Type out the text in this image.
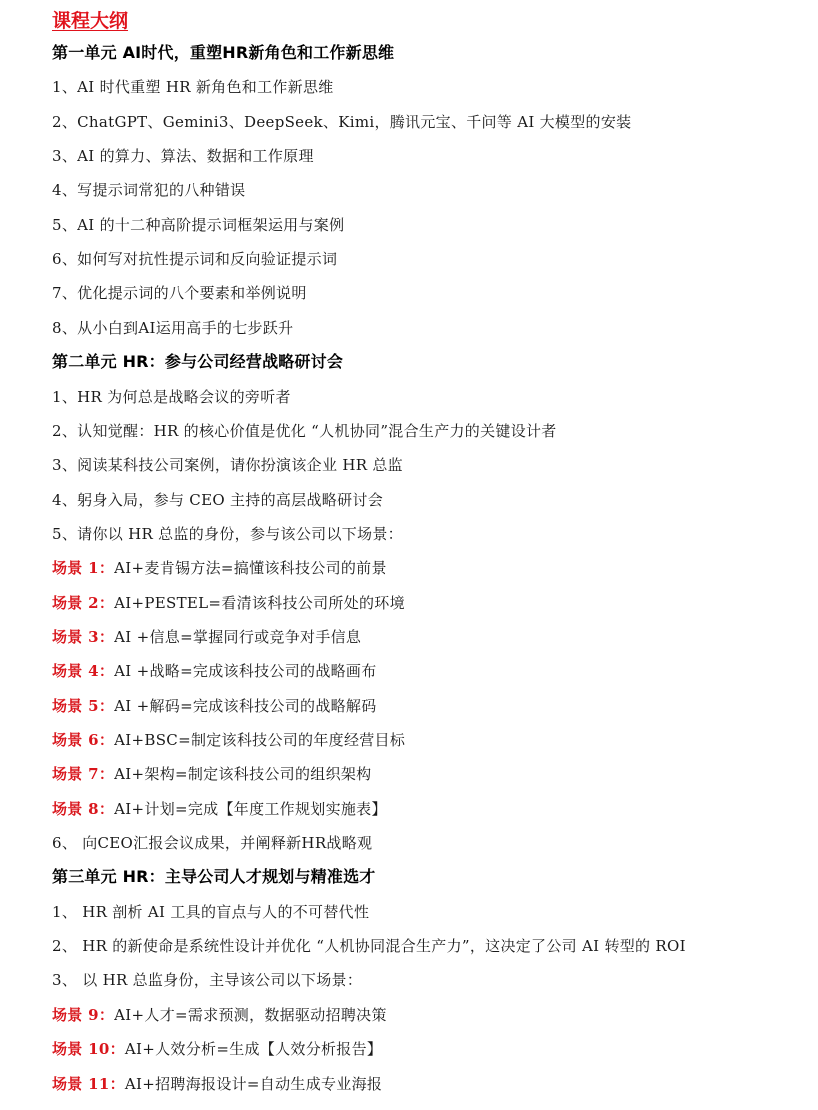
课程大纲
第一单元 AI时代，重塑HR新角色和工作新思维
1、AI 时代重塑 HR 新角色和工作新思维
2、ChatGPT、Gemini3、DeepSeek、Kimi，腾讯元宝、千问等 AI 大模型的安装
3、AI 的算力、算法、数据和工作原理
4、写提示词常犯的八种错误
5、AI 的十二种高阶提示词框架运用与案例
6、如何写对抗性提示词和反向验证提示词
7、优化提示词的八个要素和举例说明
8、从小白到AI运用高手的七步跃升
第二单元 HR：参与公司经营战略研讨会
1、HR 为何总是战略会议的旁听者
2、认知觉醒：HR 的核心价值是优化 “人机协同”混合生产力的关键设计者
3、阅读某科技公司案例，请你扮演该企业 HR 总监
4、躬身入局，参与 CEO 主持的高层战略研讨会
5、请你以 HR 总监的身份，参与该公司以下场景：
场景 1：AI+麦肯锡方法=搞懂该科技公司的前景
场景 2：AI+PESTEL=看清该科技公司所处的环境
场景 3：AI +信息=掌握同行或竞争对手信息
场景 4：AI +战略=完成该科技公司的战略画布
场景 5：AI +解码=完成该科技公司的战略解码
场景 6：AI+BSC=制定该科技公司的年度经营目标
场景 7：AI+架构=制定该科技公司的组织架构
场景 8：AI+计划=完成【年度工作规划实施表】
6、 向CEO汇报会议成果，并阐释新HR战略观
第三单元 HR：主导公司人才规划与精准选才
1、 HR 剖析 AI 工具的盲点与人的不可替代性
2、 HR 的新使命是系统性设计并优化 “人机协同混合生产力”，这决定了公司 AI 转型的 ROI
3、 以 HR 总监身份，主导该公司以下场景：
场景 9：AI+人才=需求预测，数据驱动招聘决策
场景 10：AI+人效分析=生成【人效分析报告】
场景 11：AI+招聘海报设计=自动生成专业海报
